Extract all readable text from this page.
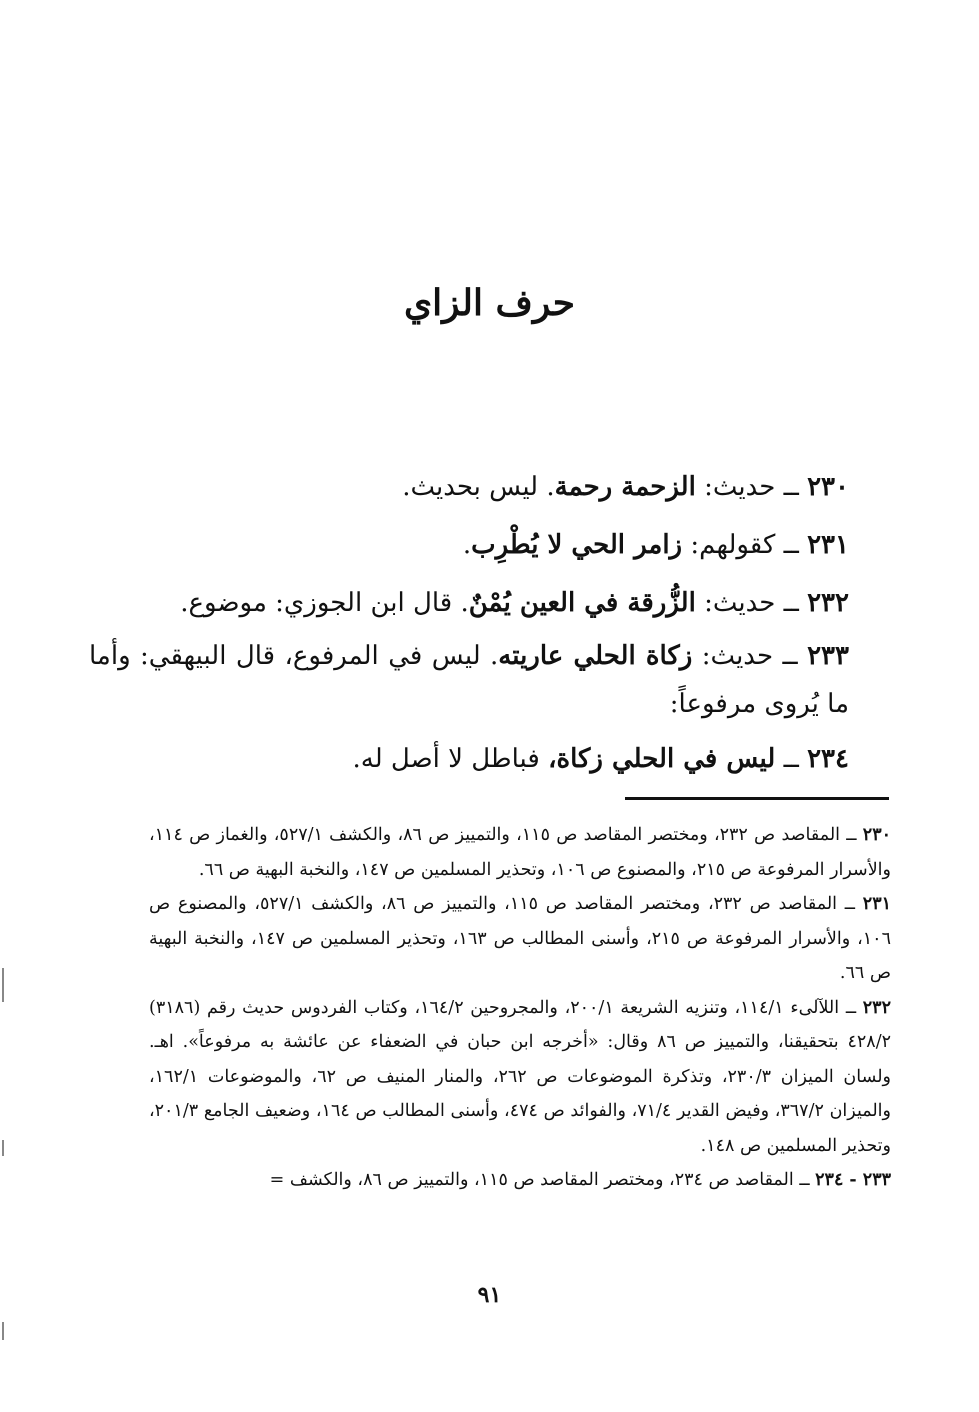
حرف الزاي

٢٣٠ ــ حديث: الزحمة رحمة. ليس بحديث.

٢٣١ ــ كقولهم: زامر الحي لا يُطْرِب.

٢٣٢ ــ حديث: الزُّرقة في العين يُمْنٌ. قال ابن الجوزي: موضوع.

٢٣٣ ــ حديث: زكاة الحلي عاريته. ليس في المرفوع، قال البيهقي: وأما ما يُروى مرفوعاً:

٢٣٤ ــ ليس في الحلي زكاة، فباطل لا أصل له.

٢٣٠ ــ المقاصد ص ٢٣٢، ومختصر المقاصد ص ١١٥، والتمييز ص ٨٦، والكشف ٥٢٧/١، والغماز ص ١١٤، والأسرار المرفوعة ص ٢١٥، والمصنوع ص ١٠٦، وتحذير المسلمين ص ١٤٧، والنخبة البهية ص ٦٦.

٢٣١ ــ المقاصد ص ٢٣٢، ومختصر المقاصد ص ١١٥، والتمييز ص ٨٦، والكشف ٥٢٧/١، والمصنوع ص ١٠٦، والأسرار المرفوعة ص ٢١٥، وأسنى المطالب ص ١٦٣، وتحذير المسلمين ص ١٤٧، والنخبة البهية ص ٦٦.

٢٣٢ ــ اللآلىء ١١٤/١، وتنزيه الشريعة ٢٠٠/١، والمجروحين ١٦٤/٢، وكتاب الفردوس حديث رقم (٣١٨٦) ٤٢٨/٢ بتحقيقنا، والتمييز ص ٨٦ وقال: «أخرجه ابن حبان في الضعفاء عن عائشة به مرفوعاً». اهـ. ولسان الميزان ٢٣٠/٣، وتذكرة الموضوعات ص ٢٦٢، والمنار المنيف ص ٦٢، والموضوعات ١٦٢/١، والميزان ٣٦٧/٢، وفيض القدير ٧١/٤، والفوائد ص ٤٧٤، وأسنى المطالب ص ١٦٤، وضعيف الجامع ٢٠١/٣، وتحذير المسلمين ص ١٤٨.

٢٣٣ - ٢٣٤ ــ المقاصد ص ٢٣٤، ومختصر المقاصد ص ١١٥، والتمييز ص ٨٦، والكشف =

٩١
